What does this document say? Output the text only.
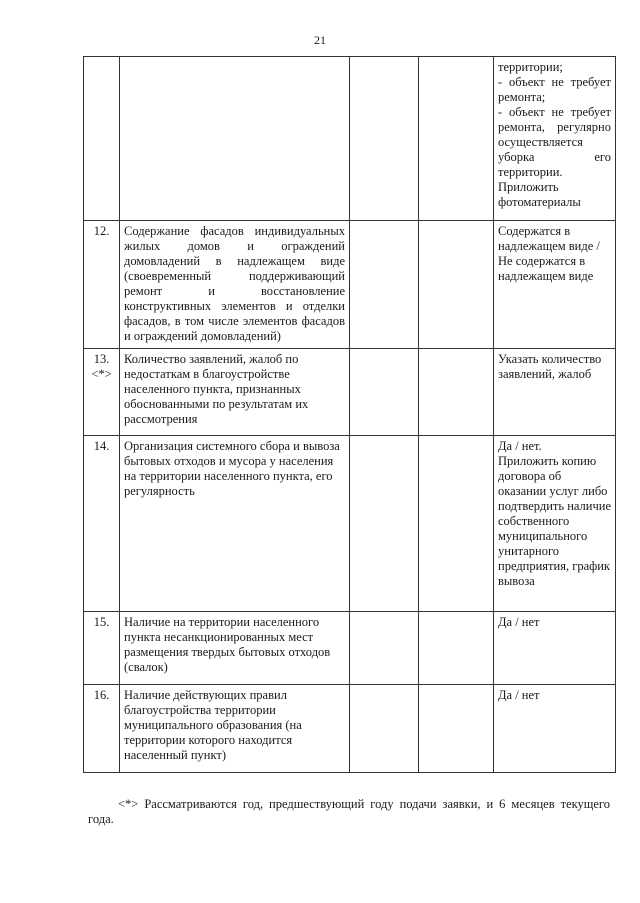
21

				территории;
- объект не требует ремонта;
- объект не требует ремонта, регулярно осуществляется уборка его территории.
Приложить фотоматериалы

12.	Содержание фасадов индивидуальных жилых домов и ограждений домовладений в надлежащем виде (своевременный поддерживающий ремонт и восстановление конструктивных элементов и отделки фасадов, в том числе элементов фасадов и ограждений домовладений)			Содержатся в надлежащем виде / Не содержатся в надлежащем виде

13. <*>	Количество заявлений, жалоб по недостаткам в благоустройстве населенного пункта, признанных обоснованными по результатам их рассмотрения			Указать количество заявлений, жалоб

14.	Организация системного сбора и вывоза бытовых отходов и мусора у населения на территории населенного пункта, его регулярность			Да / нет.
Приложить копию договора об оказании услуг либо подтвердить наличие собственного муниципального унитарного предприятия, график вывоза

15.	Наличие на территории населенного пункта несанкционированных мест размещения твердых бытовых отходов (свалок)			Да / нет

16.	Наличие действующих правил благоустройства территории муниципального образования (на территории которого находится населенный пункт)			Да / нет
<*> Рассматриваются год, предшествующий году подачи заявки, и 6 месяцев текущего года.
